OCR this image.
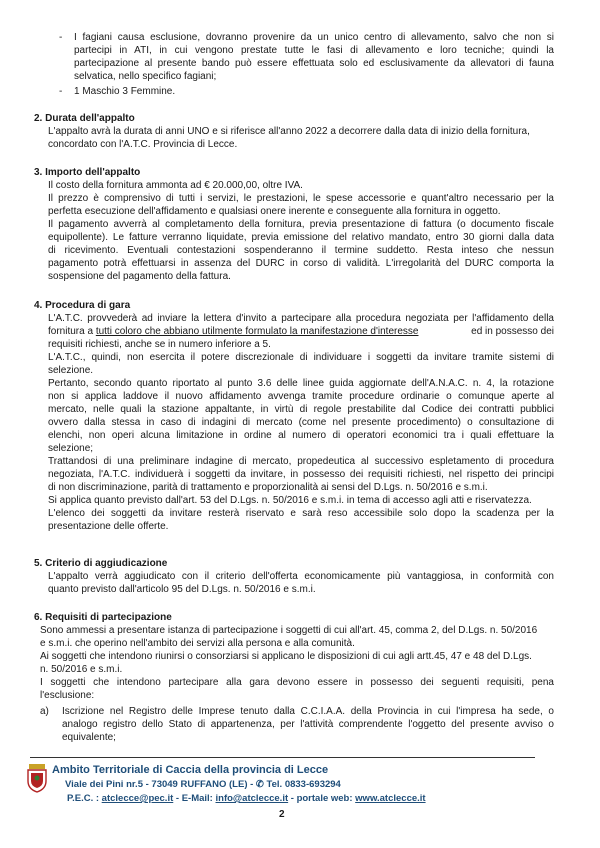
- I fagiani causa esclusione, dovranno provenire da un unico centro di allevamento, salvo che non si
partecipi in ATI, in cui vengono prestate tutte le fasi di allevamento e loro tecniche; quindi la
partecipazione al presente bando può essere effettuata solo ed esclusivamente da allevatori di fauna
selvatica, nello specifico fagiani;
- 1 Maschio 3 Femmine.
2. Durata dell'appalto
L'appalto avrà la durata di anni UNO e si riferisce all'anno 2022 a decorrere dalla data di inizio della fornitura,
concordato con l'A.T.C. Provincia di Lecce.
3. Importo dell'appalto
Il costo della fornitura ammonta ad € 20.000,00, oltre IVA.
Il prezzo è comprensivo di tutti i servizi, le prestazioni, le spese accessorie e quant'altro necessario per la
perfetta esecuzione dell'affidamento e qualsiasi onere inerente e conseguente alla fornitura in oggetto.
Il pagamento avverrà al completamento della fornitura, previa presentazione di fattura (o documento fiscale
equipollente). Le fatture verranno liquidate, previa emissione del relativo mandato, entro 30 giorni dalla data
di ricevimento. Eventuali contestazioni sospenderanno il termine suddetto. Resta inteso che nessun
pagamento potrà effettuarsi in assenza del DURC in corso di validità. L'irregolarità del DURC comporta la
sospensione del pagamento della fattura.
4. Procedura di gara
L'A.T.C. provvederà ad inviare la lettera d'invito a partecipare alla procedura negoziata per l'affidamento della
fornitura a tutti coloro che abbiano utilmente formulato la manifestazione d'interesse	ed in possesso dei
requisiti richiesti, anche se in numero inferiore a 5.
L'A.T.C., quindi, non esercita il potere discrezionale di individuare i soggetti da invitare tramite sistemi di
selezione.
Pertanto, secondo quanto riportato al punto 3.6 delle linee guida aggiornate dell'A.N.A.C. n. 4, la rotazione
non si applica laddove il nuovo affidamento avvenga tramite procedure ordinarie o comunque aperte al
mercato, nelle quali la stazione appaltante, in virtù di regole prestabilite dal Codice dei contratti pubblici
ovvero dalla stessa in caso di indagini di mercato (come nel presente procedimento) o consultazione di
elenchi, non operi alcuna limitazione in ordine al numero di operatori economici tra i quali effettuare la
selezione;
Trattandosi di una preliminare indagine di mercato, propedeutica al successivo espletamento di procedura
negoziata, l'A.T.C. individuerà i soggetti da invitare, in possesso dei requisiti richiesti, nel rispetto dei principi
di non discriminazione, parità di trattamento e proporzionalità ai sensi del D.Lgs. n. 50/2016 e s.m.i.
Si applica quanto previsto dall'art. 53 del D.Lgs. n. 50/2016 e s.m.i. in tema di accesso agli atti e riservatezza.
L'elenco dei soggetti da invitare resterà riservato e sarà reso accessibile solo dopo la scadenza per la
presentazione delle offerte.
5. Criterio di aggiudicazione
L'appalto verrà aggiudicato con il criterio dell'offerta economicamente più vantaggiosa, in conformità con
quanto previsto dall'articolo 95 del D.Lgs. n. 50/2016 e s.m.i.
6. Requisiti di partecipazione
Sono ammessi a presentare istanza di partecipazione i soggetti di cui all'art. 45, comma 2, del D.Lgs. n. 50/2016
e s.m.i. che operino nell'ambito dei servizi alla persona e alla comunità.
Ai soggetti che intendono riunirsi o consorziarsi si applicano le disposizioni di cui agli artt.45, 47 e 48 del D.Lgs.
n. 50/2016 e s.m.i.
I soggetti che intendono partecipare alla gara devono essere in possesso dei seguenti requisiti, pena
l'esclusione:
a) Iscrizione nel Registro delle Imprese tenuto dalla C.C.I.A.A. della Provincia in cui l'impresa ha sede, o
analogo registro dello Stato di appartenenza, per l'attività comprendente l'oggetto del presente avviso o
equivalente;
Ambito Territoriale di Caccia della provincia di Lecce
Viale dei Pini nr.5 - 73049 RUFFANO (LE) - ✆ Tel. 0833-693294
P.E.C. : atclecce@pec.it - E-Mail: info@atclecce.it - portale web: www.atclecce.it
2
